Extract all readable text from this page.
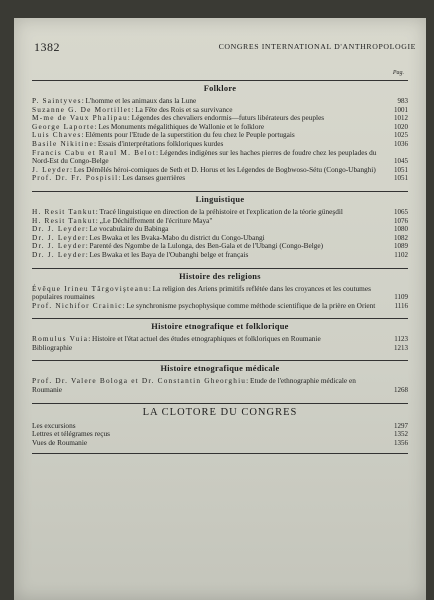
1382	CONGRES INTERNATIONAL D'ANTHROPOLOGIE
Pag.
Folklore
P. Saintyves: L'homme et les animaux dans la Lune	983
Suzanne G. De Mortillet: La Fête des Rois et sa survivance	1001
M-me de Vaux Phalipau: Légendes des chevaliers endormis—futurs libérateurs des peuples	1012
George Laporte: Les Monuments mégalithiques de Wallonie et le folklore	1020
Luis Chaves: Eléments pour l'Etude de la superstition du feu chez le Peuple portugais	1025
Basile Nikitine: Essais d'interprétations folkloriques kurdes	1036
Francis Cabu et Raul M. Belot: Légendes indigènes sur les haches pierres de foudre chez les peuplades du Nord-Est du Congo-Belge	1045
J. Leyder: Les Démêlés héroi-comiques de Seth et D. Horus et les Légendes de Bogbwoso-Sétu (Congo-Ubanghi)	1051
Prof. Dr. Fr. Pospisil: Les danses guerrières	1051
Linguistique
H. Resit Tankut: Tracé linguistique en direction de la préhistoire et l'explication de la téorie güneşdil	1065
H. Resit Tankut: „Le Déchiffrement de l'écriture Maya"	1076
Dr. J. Leyder: Le vocabulaire du Babinga	1080
Dr. J. Leyder: Les Bwaka et les Bvaka-Mabo du district du Congo-Ubangi	1082
Dr. J. Leyder: Parenté des Ngombe de la Lulonga, des Ben-Gala et de l'Ubangi (Congo-Belge)	1089
Dr. J. Leyder: Les Bwaka et les Baya de l'Oubanghi belge et français	1102
Histoire des religions
Évêque Irineu Târgovişteanu: La religion des Ariens primitifs reflétée dans les croyances et les coutumes populaires roumaines	1109
Prof. Nichifor Crainic: Le synchronisme psychophysique comme méthode scientifique de la prière en Orient	1116
Histoire etnografique et folklorique
Romulus Vuia: Histoire et l'état actuel des études etnographiques et folkloriques en Roumanie	1123
Bibliographie	1213
Histoire etnografique médicale
Prof. Dr. Valere Bologa et Dr. Constantin Gheorghiu: Etude de l'ethnographie médicale en Roumanie	1268
LA CLOTORE DU CONGRES
Les excursions	1297
Lettres et télégrames reçus	1352
Vues de Roumanie	1356
